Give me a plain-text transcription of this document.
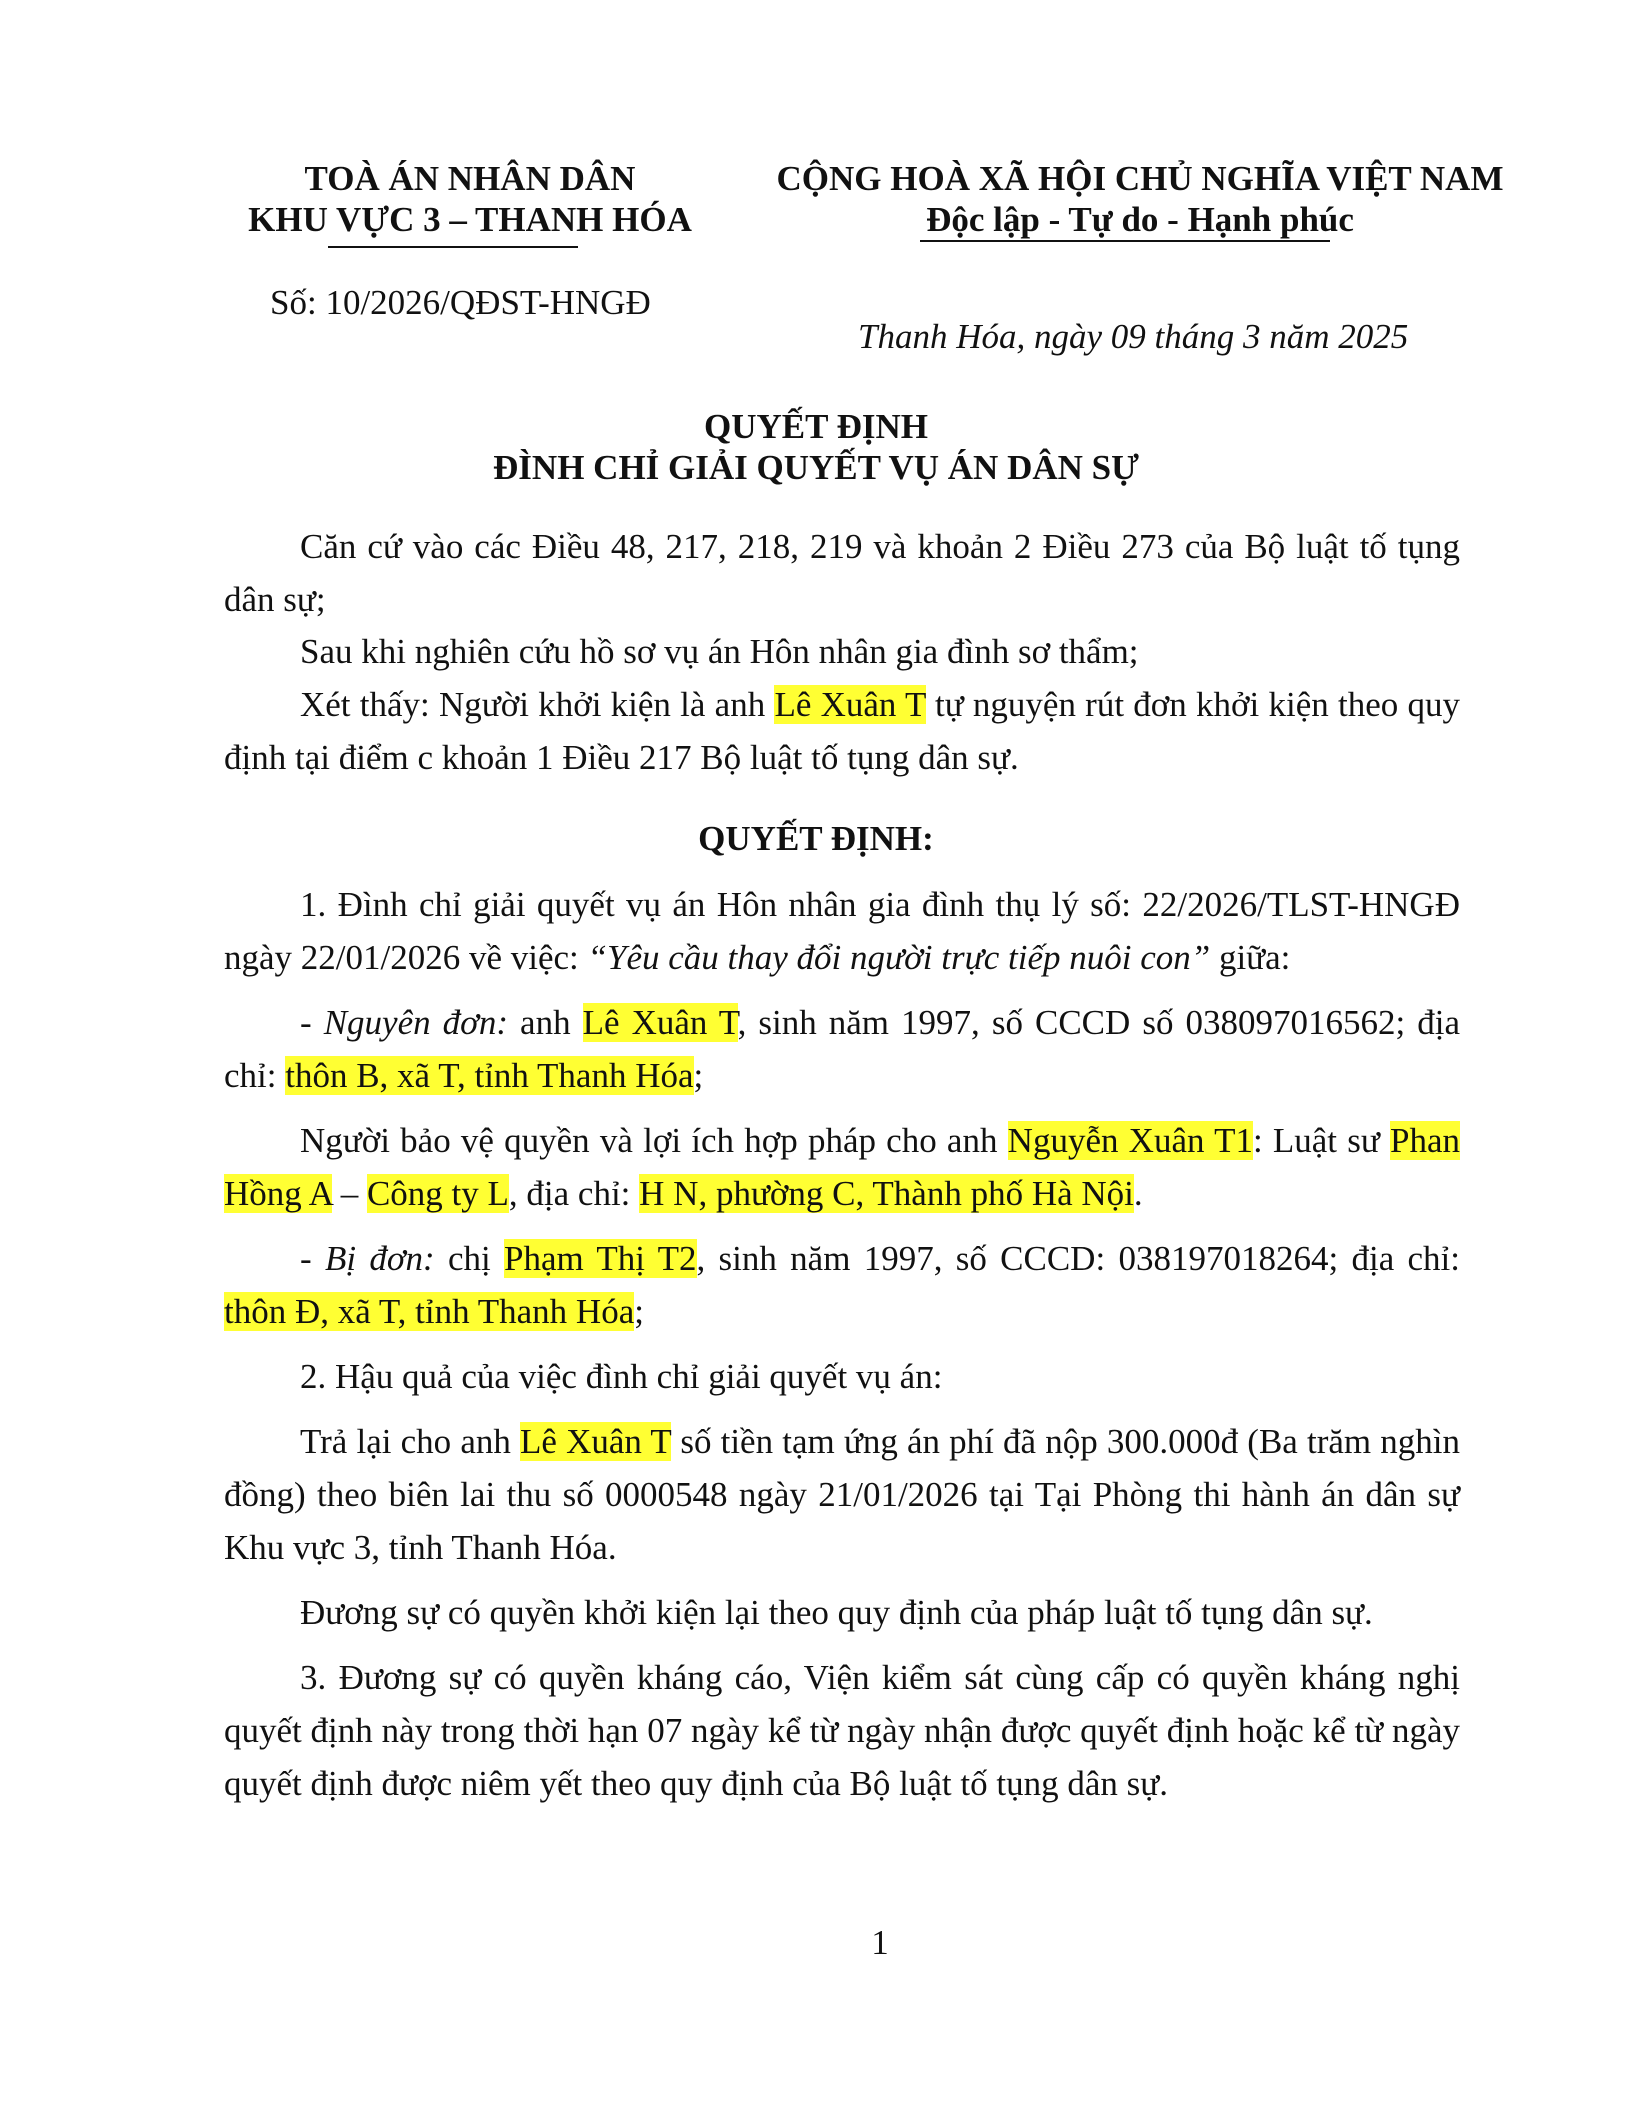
TOÀ ÁN NHÂN DÂN
KHU VỰC 3 – THANH HÓA
CỘNG HOÀ XÃ HỘI CHỦ NGHĨA VIỆT NAM
Độc lập - Tự do - Hạnh phúc
Số: 10/2026/QĐST-HNGĐ
Thanh Hóa, ngày 09 tháng 3 năm 2025
QUYẾT ĐỊNH
ĐÌNH CHỈ GIẢI QUYẾT VỤ ÁN DÂN SỰ

Căn cứ vào các Điều 48, 217, 218, 219 và khoản 2 Điều 273 của Bộ luật tố tụng dân sự;

Sau khi nghiên cứu hồ sơ vụ án Hôn nhân gia đình sơ thẩm;

Xét thấy: Người khởi kiện là anh Lê Xuân T tự nguyện rút đơn khởi kiện theo quy định tại điểm c khoản 1 Điều 217 Bộ luật tố tụng dân sự.

QUYẾT ĐỊNH:

1. Đình chỉ giải quyết vụ án Hôn nhân gia đình thụ lý số: 22/2026/TLST-HNGĐ ngày 22/01/2026 về việc: “Yêu cầu thay đổi người trực tiếp nuôi con” giữa:

- Nguyên đơn: anh Lê Xuân T, sinh năm 1997, số CCCD số 038097016562; địa chỉ: thôn B, xã T, tỉnh Thanh Hóa;

Người bảo vệ quyền và lợi ích hợp pháp cho anh Nguyễn Xuân T1: Luật sư Phan Hồng A – Công ty L, địa chỉ: H N, phường C, Thành phố Hà Nội.

- Bị đơn: chị Phạm Thị T2, sinh năm 1997, số CCCD: 038197018264; địa chỉ: thôn Đ, xã T, tỉnh Thanh Hóa;

2. Hậu quả của việc đình chỉ giải quyết vụ án:

Trả lại cho anh Lê Xuân T số tiền tạm ứng án phí đã nộp 300.000đ (Ba trăm nghìn đồng) theo biên lai thu số 0000548 ngày 21/01/2026 tại Tại Phòng thi hành án dân sự Khu vực 3, tỉnh Thanh Hóa.

Đương sự có quyền khởi kiện lại theo quy định của pháp luật tố tụng dân sự.

3. Đương sự có quyền kháng cáo, Viện kiểm sát cùng cấp có quyền kháng nghị quyết định này trong thời hạn 07 ngày kể từ ngày nhận được quyết định hoặc kể từ ngày quyết định được niêm yết theo quy định của Bộ luật tố tụng dân sự.

1
